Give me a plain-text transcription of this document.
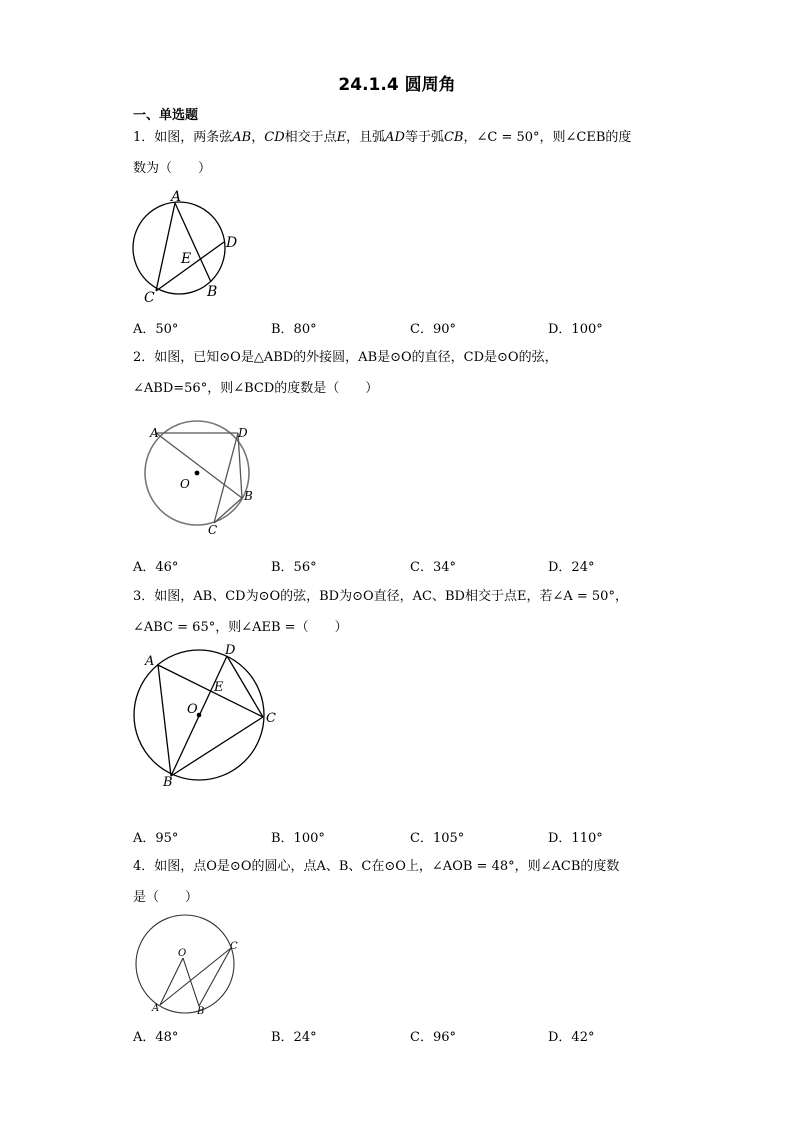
24.1.4 圆周角
一、单选题
1．如图，两条弦AB，CD相交于点E，且弧AD等于弧CB，∠C = 50°，则∠CEB的度
数为（　　）
A
D
E
C	B
A．50°	B．80°	C．90°	D．100°
2．如图，已知⊙O是△ABD的外接圆，AB是⊙O的直径，CD是⊙O的弦，
∠ABD=56°，则∠BCD的度数是（　　）
A	D
O
B
C
A．46°	B．56°	C．34°	D．24°
3．如图，AB、CD为⊙O的弦，BD为⊙O直径，AC、BD相交于点E，若∠A = 50°，
∠ABC = 65°，则∠AEB =（　　）
A
D
E
O
C
B
A．95°	B．100°	C．105°	D．110°
4．如图，点O是⊙O的圆心，点A、B、C在⊙O上，∠AOB = 48°，则∠ACB的度数
是（　　）
O
A	B
C
A．48°	B．24°	C．96°	D．42°
